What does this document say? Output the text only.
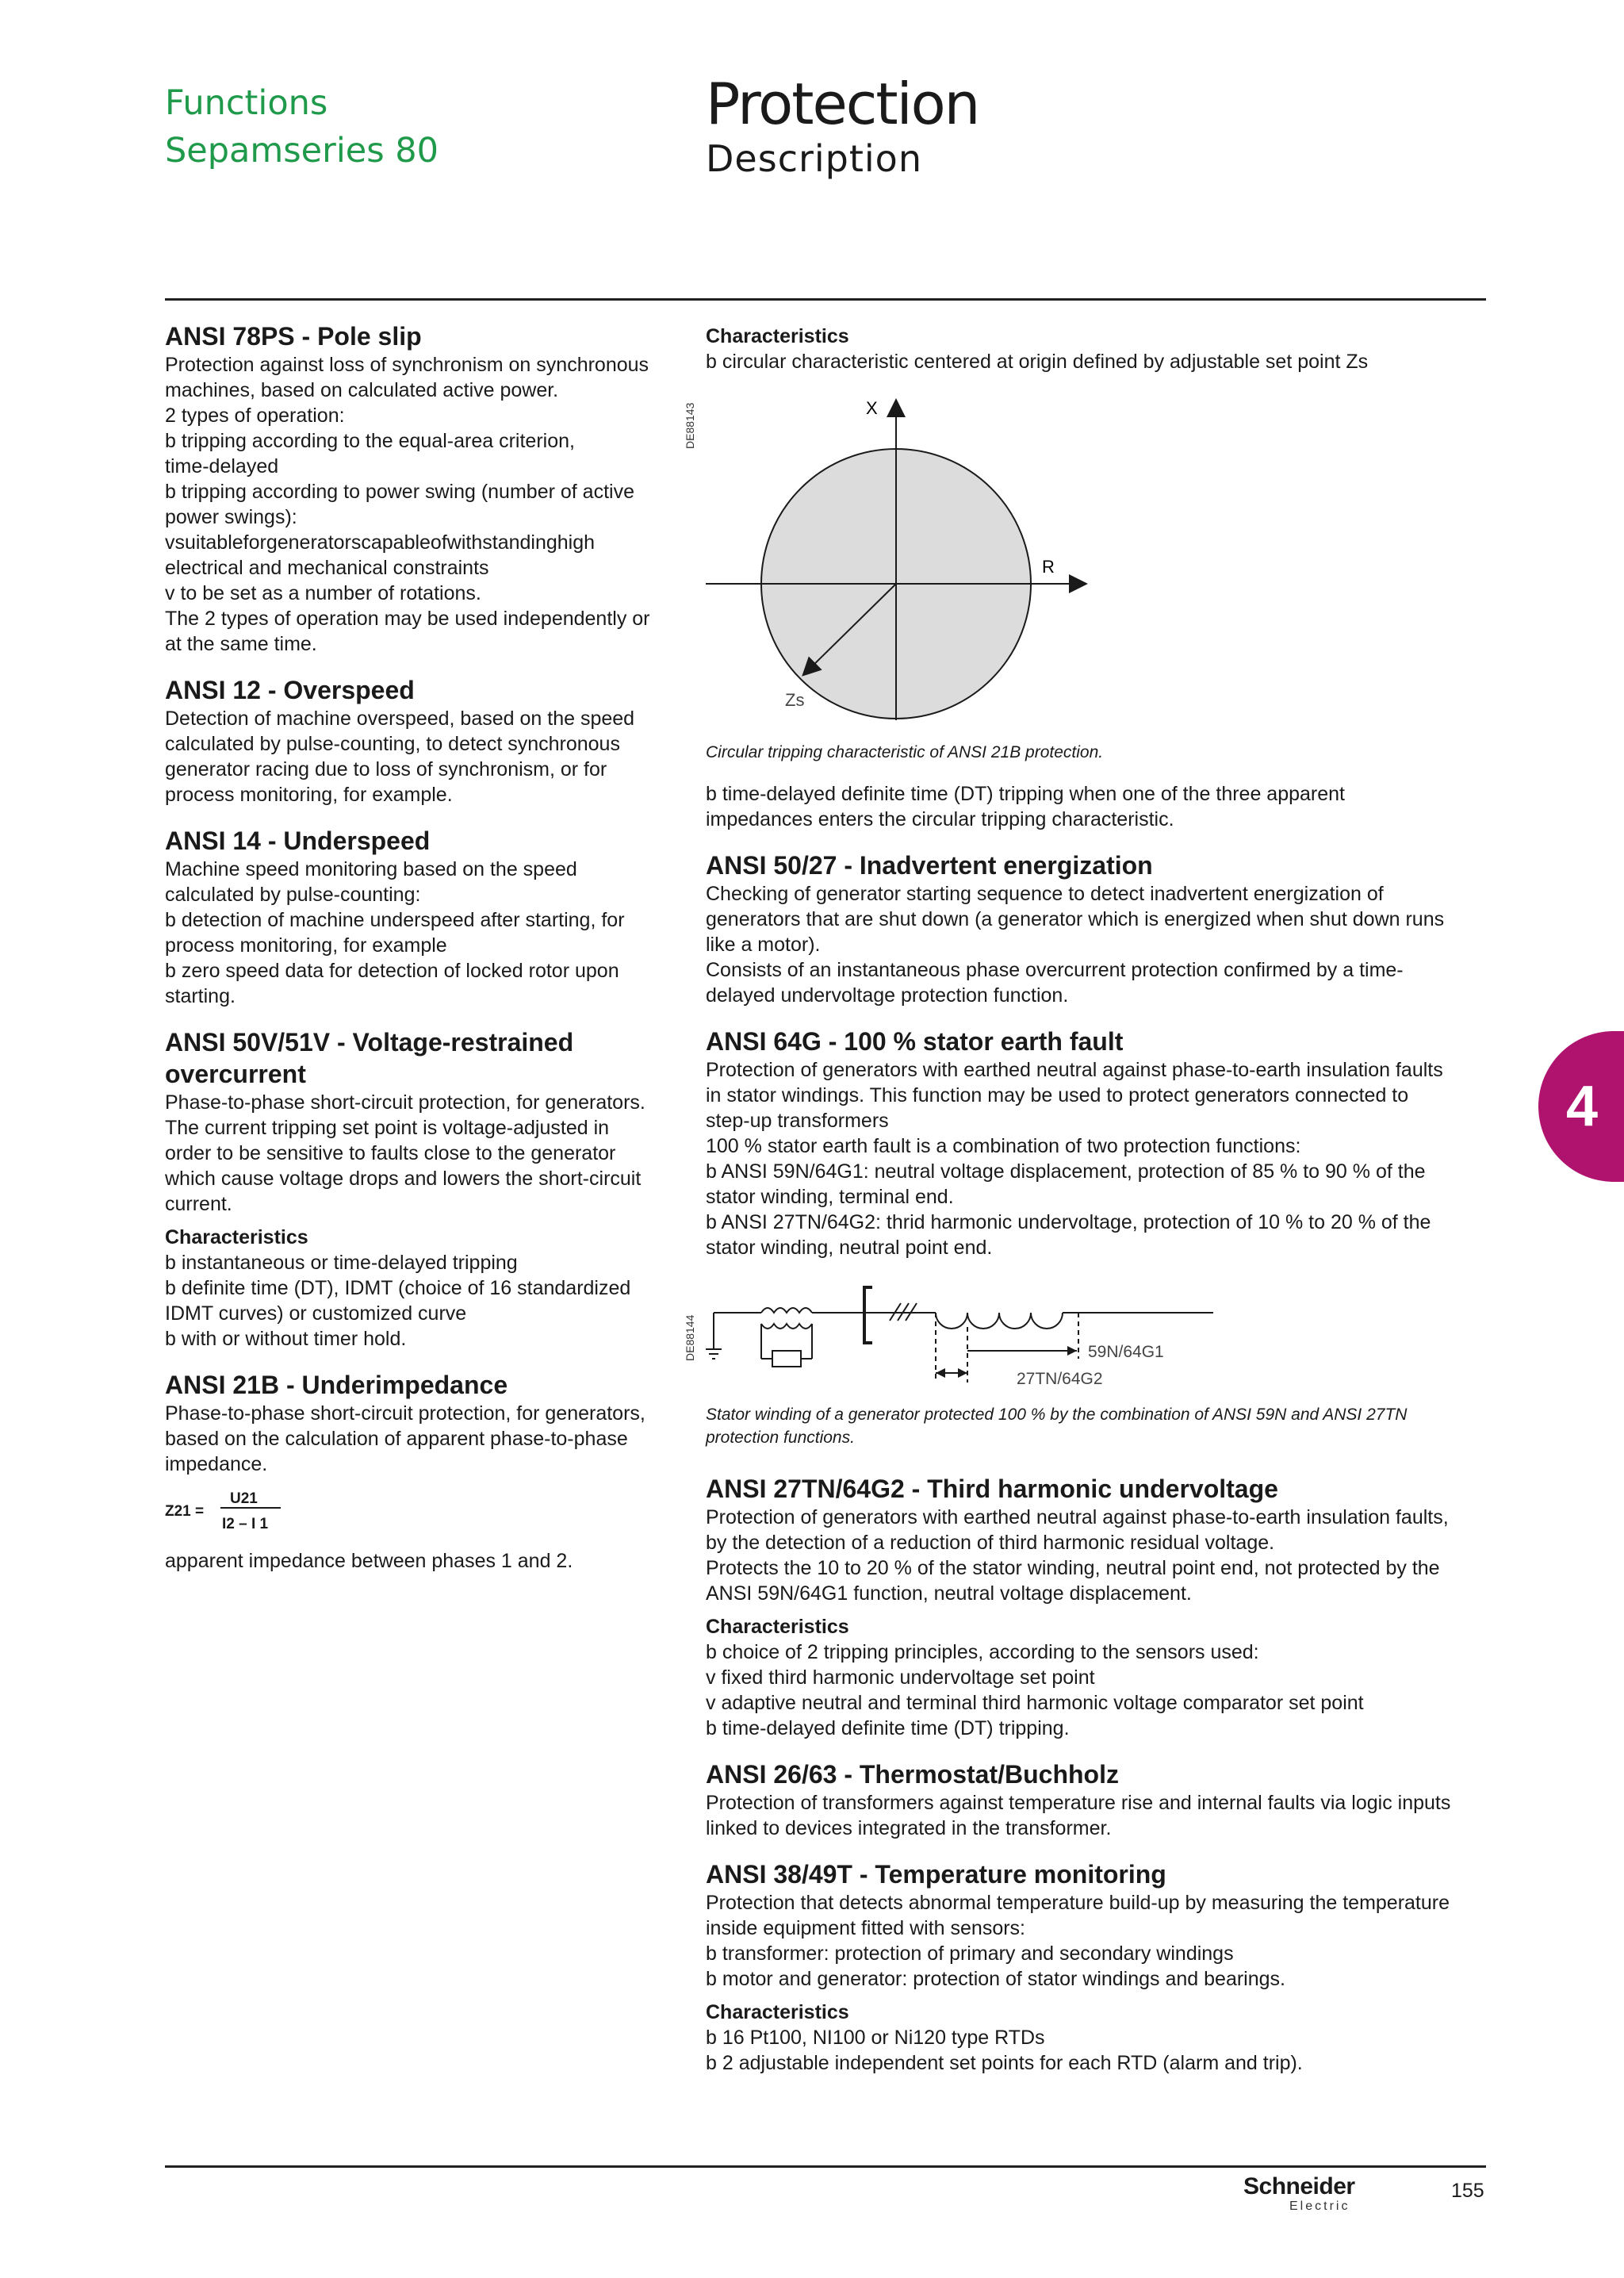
Functions
Sepamseries 80
Protection
Description
ANSI 78PS - Pole slip

Protection against loss of synchronism on synchronous

machines, based on calculated active power.

2 types of operation:

b tripping according to the equal-area criterion,

time-delayed

b tripping according to power swing (number of active

power swings):

vsuitableforgeneratorscapableofwithstandinghigh

electrical and mechanical constraints

v to be set as a number of rotations.

The 2 types of operation may be used independently or

at the same time.

ANSI 12 - Overspeed

Detection of machine overspeed, based on the speed

calculated by pulse-counting, to detect synchronous

generator racing due to loss of synchronism, or for

process monitoring, for example.

ANSI 14 - Underspeed

Machine speed monitoring based on the speed

calculated by pulse-counting:

b detection of machine underspeed after starting, for

process monitoring, for example

b zero speed data for detection of locked rotor upon

starting.

ANSI 50V/51V - Voltage-restrained
overcurrent

Phase-to-phase short-circuit protection, for generators.

The current tripping set point is voltage-adjusted in

order to be sensitive to faults close to the generator

which cause voltage drops and lowers the short-circuit

current.

Characteristics

b instantaneous or time-delayed tripping

b definite time (DT), IDMT (choice of 16 standardized

IDMT curves) or customized curve

b with or without timer hold.

ANSI 21B - Underimpedance

Phase-to-phase short-circuit protection, for generators,

based on the calculation of apparent phase-to-phase

impedance.

Z21 =
U21
I2 – I 1

apparent impedance between phases 1 and 2.

DE88143
DE88144
Characteristics

b circular characteristic centered at origin defined by adjustable set point Zs

X
R
Zs

Circular tripping characteristic of ANSI 21B protection.

b time-delayed definite time (DT) tripping when one of the three apparent

impedances enters the circular tripping characteristic.

ANSI 50/27 - Inadvertent energization

Checking of generator starting sequence to detect inadvertent energization of

generators that are shut down (a generator which is energized when shut down runs

like a motor).

Consists of an instantaneous phase overcurrent protection confirmed by a time-

delayed undervoltage protection function.

ANSI 64G - 100 % stator earth fault

Protection of generators with earthed neutral against phase-to-earth insulation faults

in stator windings. This function may be used to protect generators connected to

step-up transformers

100 % stator earth fault is a combination of two protection functions:

b ANSI 59N/64G1: neutral voltage displacement, protection of 85 % to 90 % of the

stator winding, terminal end.

b ANSI 27TN/64G2: thrid harmonic undervoltage, protection of 10 % to 20 % of the

stator winding, neutral point end.

59N/64G1
27TN/64G2

Stator winding of a generator protected 100 % by the combination of ANSI 59N and ANSI 27TN

protection functions.

ANSI 27TN/64G2 - Third harmonic undervoltage

Protection of generators with earthed neutral against phase-to-earth insulation faults,

by the detection of a reduction of third harmonic residual voltage.

Protects the 10 to 20 % of the stator winding, neutral point end, not protected by the

ANSI 59N/64G1 function, neutral voltage displacement.

Characteristics

b choice of 2 tripping principles, according to the sensors used:

v fixed third harmonic undervoltage set point

v adaptive neutral and terminal third harmonic voltage comparator set point

b time-delayed definite time (DT) tripping.

ANSI 26/63 - Thermostat/Buchholz

Protection of transformers against temperature rise and internal faults via logic inputs

linked to devices integrated in the transformer.

ANSI 38/49T - Temperature monitoring

Protection that detects abnormal temperature build-up by measuring the temperature

inside equipment fitted with sensors:

b transformer: protection of primary and secondary windings

b motor and generator: protection of stator windings and bearings.

Characteristics

b 16 Pt100, NI100 or Ni120 type RTDs

b 2 adjustable independent set points for each RTD (alarm and trip).

4
Schneider
Electric
155
